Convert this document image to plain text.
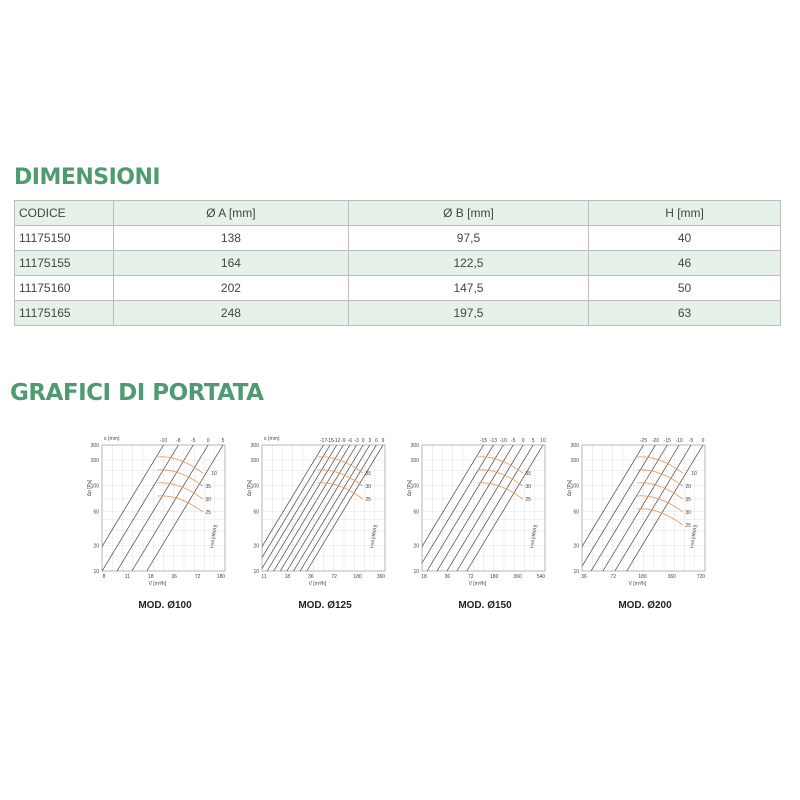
DIMENSIONI
CODICE	Ø A [mm]	Ø B [mm]	H [mm]
11175150	138	97,5	40
11175155	164	122,5	46
11175160	202	147,5	50
11175165	248	197,5	63
GRAFICI DI PORTATA
10
20
50
100
200
300
Δp [Pa]
8	11	18	36	72	180
V [m³/h]
s (mm)	-10 -8 -5 0 5
10
35
30
25
Lwa [dB(A)]
10
20
50
100
200
300
Δp [Pa]
11	18	36	72	180	360
V [m³/h]
s (mm)	-17 -15 -12 -9 -6 -3 0 3 6 9
35
30
25
Lwa [dB(A)]
10
20
50
100
200
300
Δp [Pa]
18	36	72	180	360	540
V [m³/h]
-15 -13 -10 -5 0 5 10
35
30
25
Lwa [dB(A)]
10
20
50
100
200
300
Δp [Pa]
36	72	180	360	720
V [m³/h]
-25 -20 -15 -10 -5 0
10
20
35
30
25
Lwa [dB(A)]
MOD. Ø100	MOD. Ø125	MOD. Ø150	MOD. Ø200
